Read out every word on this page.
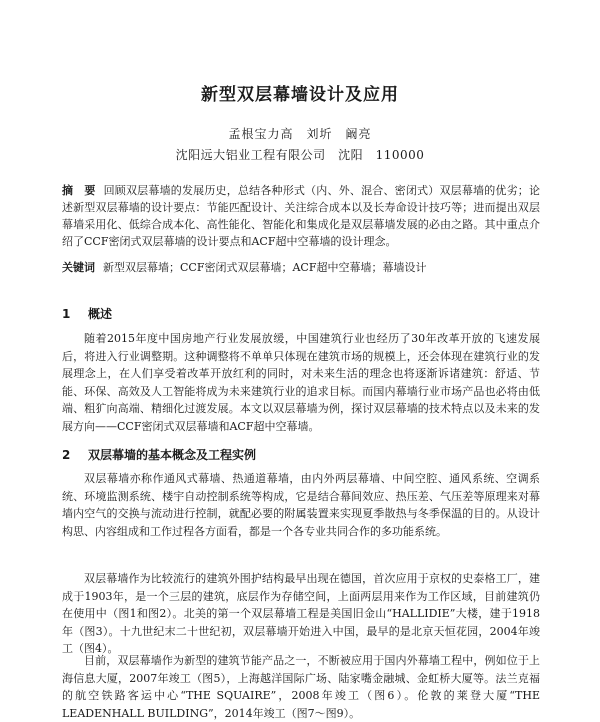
新型双层幕墙设计及应用
孟根宝力高　刘圻　阚亮
沈阳远大铝业工程有限公司　沈阳　110000
摘　要 回顾双层幕墙的发展历史，总结各种形式（内、外、混合、密闭式）双层幕墙的优劣；论述新型双层幕墙的设计要点：节能匹配设计、关注综合成本以及长寿命设计技巧等；进而提出双层幕墙采用化、低综合成本化、高性能化、智能化和集成化是双层幕墙发展的必由之路。其中重点介绍了CCF密闭式双层幕墙的设计要点和ACF超中空幕墙的设计理念。
关键词 新型双层幕墙；CCF密闭式双层幕墙；ACF超中空幕墙；幕墙设计
1 概述

随着2015年度中国房地产行业发展放缓，中国建筑行业也经历了30年改革开放的飞速发展后，将进入行业调整期。这种调整将不单单只体现在建筑市场的规模上，还会体现在建筑行业的发展理念上，在人们享受着改革开放红利的同时，对未来生活的理念也将逐渐诉诸建筑：舒适、节能、环保、高效及人工智能将成为未来建筑行业的追求目标。而国内幕墙行业市场产品也必将由低端、粗犷向高端、精细化过渡发展。本文以双层幕墙为例，探讨双层幕墙的技术特点以及未来的发展方向——CCF密闭式双层幕墙和ACF超中空幕墙。

2 双层幕墙的基本概念及工程实例

双层幕墙亦称作通风式幕墙、热通道幕墙，由内外两层幕墙、中间空腔、通风系统、空调系统、环境监测系统、楼宇自动控制系统等构成，它是结合幕间效应、热压差、气压差等原理来对幕墙内空气的交换与流动进行控制，就配必要的附属装置来实现夏季散热与冬季保温的目的。从设计构思、内容组成和工作过程各方面看，都是一个各专业共同合作的多功能系统。

双层幕墙作为比较流行的建筑外围护结构最早出现在德国，首次应用于京权的史泰格工厂，建成于1903年，是一个三层的建筑，底层作为存储空间，上面两层用来作为工作区域，目前建筑仍在使用中（图1和图2）。北美的第一个双层幕墙工程是美国旧金山“HALLIDIE”大楼，建于1918年（图3）。十九世纪末二十世纪初，双层幕墙开始进入中国，最早的是北京天恒花园，2004年竣工（图4）。

目前，双层幕墙作为新型的建筑节能产品之一，不断被应用于国内外幕墙工程中，例如位于上海信息大厦，2007年竣工（图5），上海越洋国际广场、陆家嘴金融城、金虹桥大厦等。法兰克福的航空铁路客运中心“THE SQUAIRE”，2008年竣工（图6）。伦敦的莱登大厦“THE LEADENHALL BUILDING”，2014年竣工（图7～图9）。
